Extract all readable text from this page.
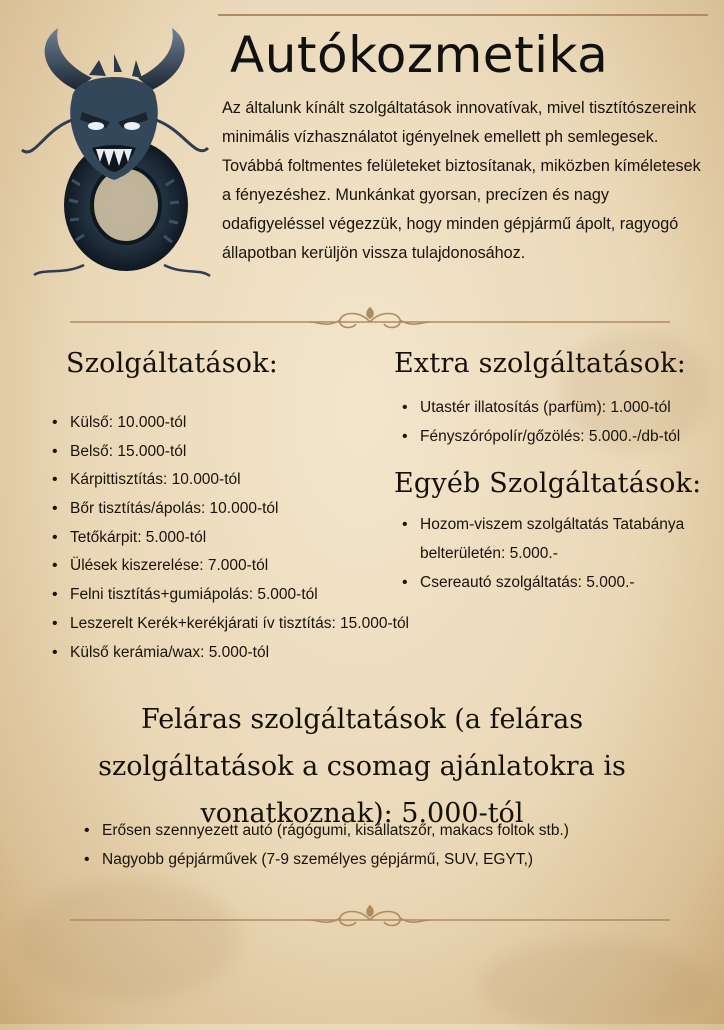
Autókozmetika
Az általunk kínált szolgáltatások innovatívak, mivel tisztítószereink minimális vízhasználatot igényelnek emellett ph semlegesek. Továbbá foltmentes felületeket biztosítanak, miközben kíméletesek a fényezéshez. Munkánkat gyorsan, precízen és nagy odafigyeléssel végezzük, hogy minden gépjármű ápolt, ragyogó állapotban kerüljön vissza tulajdonosához.
Szolgáltatások:
• Külső: 10.000-tól
• Belső: 15.000-tól
• Kárpittisztítás: 10.000-tól
• Bőr tisztítás/ápolás: 10.000-tól
• Tetőkárpit: 5.000-tól
• Ülések kiszerelése: 7.000-tól
• Felni tisztítás+gumiápolás: 5.000-tól
• Leszerelt Kerék+kerékjárati ív tisztítás: 15.000-tól
• Külső kerámia/wax: 5.000-tól
Extra szolgáltatások:
• Utastér illatosítás (parfüm): 1.000-tól
• Fényszórópolír/gőzölés: 5.000.-/db-tól
Egyéb Szolgáltatások:
• Hozom-viszem szolgáltatás Tatabánya belterületén: 5.000.-
• Csereautó szolgáltatás: 5.000.-
Feláras szolgáltatások (a feláras szolgáltatások a csomag ajánlatokra is vonatkoznak): 5.000-tól
• Erősen szennyezett autó (rágógumi, kisállatszőr, makacs foltok stb.)
• Nagyobb gépjárművek (7-9 személyes gépjármű, SUV, EGYT,)
